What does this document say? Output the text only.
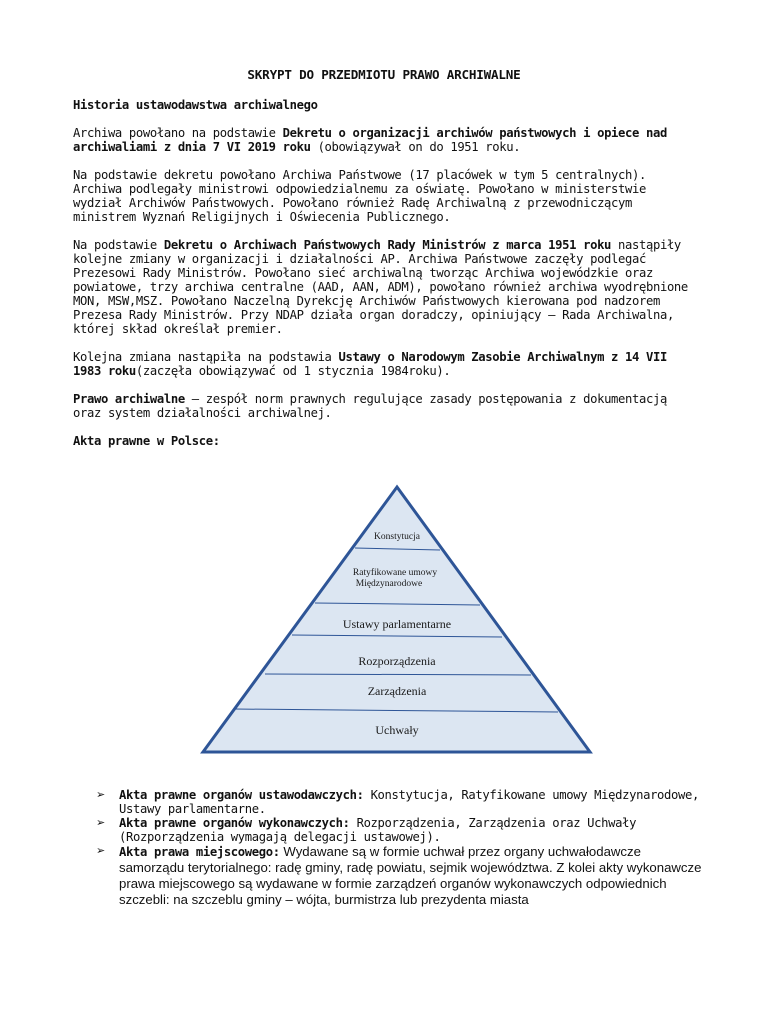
SKRYPT DO PRZEDMIOTU PRAWO ARCHIWALNE

Historia ustawodawstwa archiwalnego

Archiwa powołano na podstawie Dekretu o organizacji archiwów państwowych i opiece nad archiwaliami z dnia 7 VI 2019 roku (obowiązywał on do 1951 roku.

Na podstawie dekretu powołano Archiwa Państwowe (17 placówek w tym 5 centralnych). Archiwa podlegały ministrowi odpowiedzialnemu za oświatę. Powołano w ministerstwie wydział Archiwów Państwowych. Powołano również Radę Archiwalną z przewodniczącym ministrem Wyznań Religijnych i Oświecenia Publicznego.

Na podstawie Dekretu o Archiwach Państwowych Rady Ministrów z marca 1951 roku nastąpiły kolejne zmiany w organizacji i działalności AP. Archiwa Państwowe zaczęły podlegać Prezesowi Rady Ministrów. Powołano sieć archiwalną tworząc Archiwa wojewódzkie oraz powiatowe, trzy archiwa centralne (AAD, AAN, ADM), powołano również archiwa wyodrębnione MON, MSW,MSZ. Powołano Naczelną Dyrekcję Archiwów Państwowych kierowana pod nadzorem Prezesa Rady Ministrów. Przy NDAP działa organ doradczy, opiniujący – Rada Archiwalna, której skład określał premier.

Kolejna zmiana nastąpiła na podstawia Ustawy o Narodowym Zasobie Archiwalnym z 14 VII 1983 roku(zaczęła obowiązywać od 1 stycznia 1984roku).

Prawo archiwalne – zespół norm prawnych regulujące zasady postępowania z dokumentacją oraz system działalności archiwalnej.

Akta prawne w Polsce:

Konstytucja
Ratyfikowane umowy
Międzynarodowe
Ustawy parlamentarne
Rozporządzenia
Zarządzenia
Uchwały
➢ Akta prawne organów ustawodawczych: Konstytucja, Ratyfikowane umowy Międzynarodowe, Ustawy parlamentarne.
➢ Akta prawne organów wykonawczych: Rozporządzenia, Zarządzenia oraz Uchwały (Rozporządzenia wymagają delegacji ustawowej).
➢ Akta prawa miejscowego: Wydawane są w formie uchwał przez organy uchwałodawcze samorządu terytorialnego: radę gminy, radę powiatu, sejmik województwa. Z kolei akty wykonawcze prawa miejscowego są wydawane w formie zarządzeń organów wykonawczych odpowiednich szczebli: na szczeblu gminy – wójta, burmistrza lub prezydenta miasta
